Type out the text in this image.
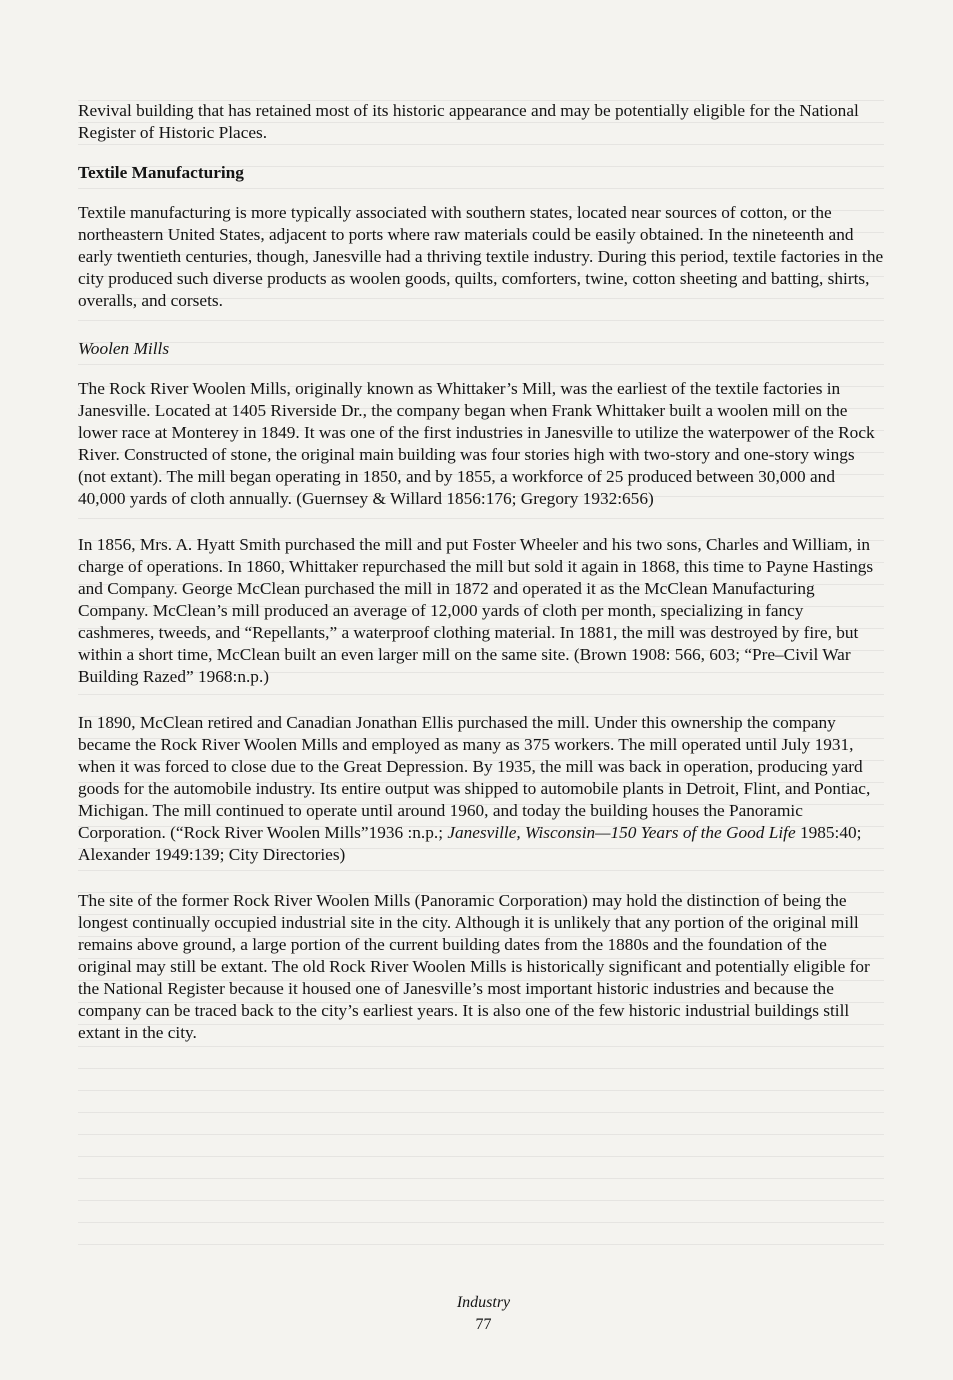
Revival building that has retained most of its historic appearance and may be potentially eligible for the National Register of Historic Places.

Textile Manufacturing

Textile manufacturing is more typically associated with southern states, located near sources of cotton, or the northeastern United States, adjacent to ports where raw materials could be easily obtained. In the nineteenth and early twentieth centuries, though, Janesville had a thriving textile industry. During this period, textile factories in the city produced such diverse products as woolen goods, quilts, comforters, twine, cotton sheeting and batting, shirts, overalls, and corsets.

Woolen Mills

The Rock River Woolen Mills, originally known as Whittaker’s Mill, was the earliest of the textile factories in Janesville. Located at 1405 Riverside Dr., the company began when Frank Whittaker built a woolen mill on the lower race at Monterey in 1849. It was one of the first industries in Janesville to utilize the waterpower of the Rock River. Constructed of stone, the original main building was four stories high with two-story and one-story wings (not extant). The mill began operating in 1850, and by 1855, a workforce of 25 produced between 30,000 and 40,000 yards of cloth annually. (Guernsey & Willard 1856:176; Gregory 1932:656)

In 1856, Mrs. A. Hyatt Smith purchased the mill and put Foster Wheeler and his two sons, Charles and William, in charge of operations. In 1860, Whittaker repurchased the mill but sold it again in 1868, this time to Payne Hastings and Company. George McClean purchased the mill in 1872 and operated it as the McClean Manufacturing Company. McClean’s mill produced an average of 12,000 yards of cloth per month, specializing in fancy cashmeres, tweeds, and “Repellants,” a waterproof clothing material. In 1881, the mill was destroyed by fire, but within a short time, McClean built an even larger mill on the same site. (Brown 1908: 566, 603; “Pre–Civil War Building Razed” 1968:n.p.)

In 1890, McClean retired and Canadian Jonathan Ellis purchased the mill. Under this ownership the company became the Rock River Woolen Mills and employed as many as 375 workers. The mill operated until July 1931, when it was forced to close due to the Great Depression. By 1935, the mill was back in operation, producing yard goods for the automobile industry. Its entire output was shipped to automobile plants in Detroit, Flint, and Pontiac, Michigan. The mill continued to operate until around 1960, and today the building houses the Panoramic Corporation. (“Rock River Woolen Mills”1936 :n.p.; Janesville, Wisconsin—150 Years of the Good Life 1985:40; Alexander 1949:139; City Directories)

The site of the former Rock River Woolen Mills (Panoramic Corporation) may hold the distinction of being the longest continually occupied industrial site in the city. Although it is unlikely that any portion of the original mill remains above ground, a large portion of the current building dates from the 1880s and the foundation of the original may still be extant. The old Rock River Woolen Mills is historically significant and potentially eligible for the National Register because it housed one of Janesville’s most important historic industries and because the company can be traced back to the city’s earliest years. It is also one of the few historic industrial buildings still extant in the city.

Industry
77
